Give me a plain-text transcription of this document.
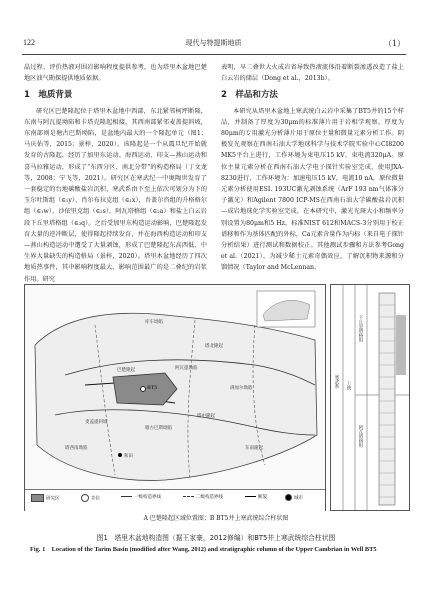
122	现代与特提斯地质	（1）

晶过程、评价热液对围岩影响程度提供参考，也为塔里木盆地巴楚地区油气勘探提供地质依据。

1　地质背景

研究区巴楚隆起位于塔里木盆地中西部，东北紧邻柯坪断隆，东南与阿瓦提坳陷和卡塔克隆起相接，其西南部紧邻麦盖提斜坡，东南部则是塘古巴斯坳陷，是盆地内最大的一个隆起单元（图1；马庆佑等，2015；景梓，2020）。该隆起是一个从震旦纪开始就发育的古隆起，经历了加里东运动、海西运动、印支—燕山运动和喜马拉雅运动，形成了“东西分区、南北分带”的构造格局（丁文龙等，2008；宁飞等，2021）。研究区在寒武纪一中奥陶世发育了一套稳定的台地碳酸盐岩沉积，寒武系由下至上依次可划分为下的玉尔吐斯组（∈₁y）、肖尔布拉克组（∈₁x），吾盖尔咨组的升格格尔组（∈₁w），沙依里克组（∈₂s），阿瓦塔格组（∈₂a）和盐上白云岩段下丘里塔格组（∈₃q）。之后受加里东构造运动影响，巴楚隆起发育大量的逆冲断层，使得隆起持续发育，并在海西构造运动和印支—燕山构造运动中遭受了大量剥蚀，形成了巴楚隆起东高西低、中生界大量缺失的构造格局（景梓，2020）。塔里木盆地经历了四次地质热事件，其中影响程度最大、影响范围最广的是二叠纪的岩浆作用。研究

表明，早二叠世大火成岩省导致热液流体沿着断裂渗透改造了盐上白云岩的储层（Dong et al.，2013b）。

2　样品和方法

本研究从塔里木盆地上寒武统白云岩中采集了BT5井的15个样品，并制备了厚度为30μm的标准薄片用于岩相学观察，厚度为80μm的专用激光分析薄片用于原位主量和微量元素分析工作。阴极发光观察在西南石油大学地球科学与技术学院实验中心CI8200 MK5平台上进行，工作环境为束电压15 kV，束电流320μA。原位主量元素分析在西南石油大学电子探针实验室完成，使用JXA-8230进行，工作环境为：加速电压15 kV，电流10 nA，原位微量元素分析使用ESI. 193UC激光剥蚀系统（ArF 193 nm气体准分子激光）和Agilent 7800 ICP-MS在西南石油大学碳酸盐岩沉积—成岩地球化学实验室完成。在本研究中，激光光斑大小和频率分别设置为80μm和5 Hz，标准NIST 612和MACS-3分别用于校正谱移和作为基体匹配的外标，Ca元素含量作为内标（来自电子探针分析结果）进行测试和数据校正。其他测试步骤和方法参考Gong et al.（2021），为减少稀土元素奇偶效应，了解沉积物来源和分馏情况（Taylor and McLennan，

库车坳陷
塔北隆起
巴楚隆起	阿瓦提坳陷
满加尔坳陷
塔中隆起
塘古巴斯坳陷
麦盖提斜坡
塔西南坳陷	东南隆起
BT5
和田
研究区	井位	一级构造界线	二级构造界线	断裂	城市
寒武系 上统
下丘里塔格组
阿瓦塔格组
A 巴楚隆起区域位置图；B BT5井上寒武统综合柱状图
图1　塔里木盆地构造图（据王家豪，2012修编）和BT5井上寒武统综合柱状图
Fig. 1　Location of the Tarim Basin (modified after Wang, 2012) and stratigraphic column of the Upper Cambrian in Well BT5
